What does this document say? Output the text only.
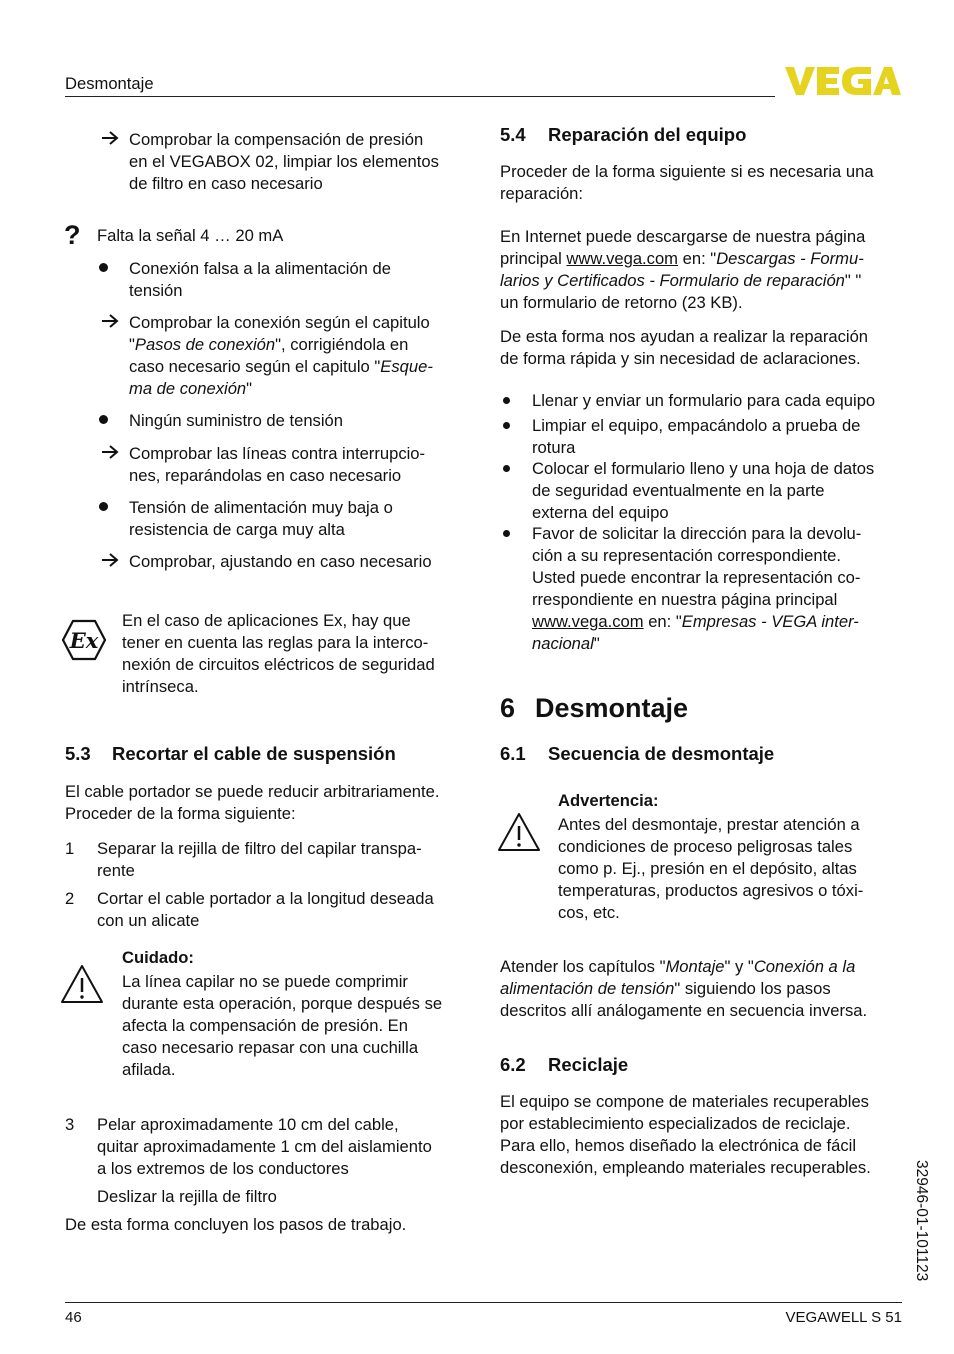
Desmontaje
Comprobar la compensación de presión
en el VEGABOX 02, limpiar los elementos
de filtro en caso necesario
? Falta la señal 4 … 20 mA
Conexión falsa a la alimentación de
tensión
Comprobar la conexión según el capitulo
"Pasos de conexión", corrigiéndola en
caso necesario según el capitulo "Esque-
ma de conexión"
Ningún suministro de tensión
Comprobar las líneas contra interrupcio-
nes, reparándolas en caso necesario
Tensión de alimentación muy baja o
resistencia de carga muy alta
Comprobar, ajustando en caso necesario
Ex
En el caso de aplicaciones Ex, hay que
tener en cuenta las reglas para la interco-
nexión de circuitos eléctricos de seguridad
intrínseca.
5.3 Recortar el cable de suspensión
El cable portador se puede reducir arbitrariamente.
Proceder de la forma siguiente:
1 Separar la rejilla de filtro del capilar transpa-
rente
2 Cortar el cable portador a la longitud deseada
con un alicate
Cuidado:
La línea capilar no se puede comprimir
durante esta operación, porque después se
afecta la compensación de presión. En
caso necesario repasar con una cuchilla
afilada.
3 Pelar aproximadamente 10 cm del cable,
quitar aproximadamente 1 cm del aislamiento
a los extremos de los conductores
Deslizar la rejilla de filtro
De esta forma concluyen los pasos de trabajo.
5.4 Reparación del equipo
Proceder de la forma siguiente si es necesaria una
reparación:
En Internet puede descargarse de nuestra página
principal www.vega.com en: "Descargas - Formu-
larios y Certificados - Formulario de reparación" "
un formulario de retorno (23 KB).
De esta forma nos ayudan a realizar la reparación
de forma rápida y sin necesidad de aclaraciones.
Llenar y enviar un formulario para cada equipo
Limpiar el equipo, empacándolo a prueba de
rotura
Colocar el formulario lleno y una hoja de datos
de seguridad eventualmente en la parte
externa del equipo
Favor de solicitar la dirección para la devolu-
ción a su representación correspondiente.
Usted puede encontrar la representación co-
rrespondiente en nuestra página principal
www.vega.com en: "Empresas - VEGA inter-
nacional"
6 Desmontaje
6.1 Secuencia de desmontaje
Advertencia:
Antes del desmontaje, prestar atención a
condiciones de proceso peligrosas tales
como p. Ej., presión en el depósito, altas
temperaturas, productos agresivos o tóxi-
cos, etc.
Atender los capítulos "Montaje" y "Conexión a la
alimentación de tensión" siguiendo los pasos
descritos allí análogamente en secuencia inversa.
6.2 Reciclaje
El equipo se compone de materiales recuperables
por establecimiento especializados de reciclaje.
Para ello, hemos diseñado la electrónica de fácil
desconexión, empleando materiales recuperables.	32946-01-101123
46	VEGAWELL S 51
